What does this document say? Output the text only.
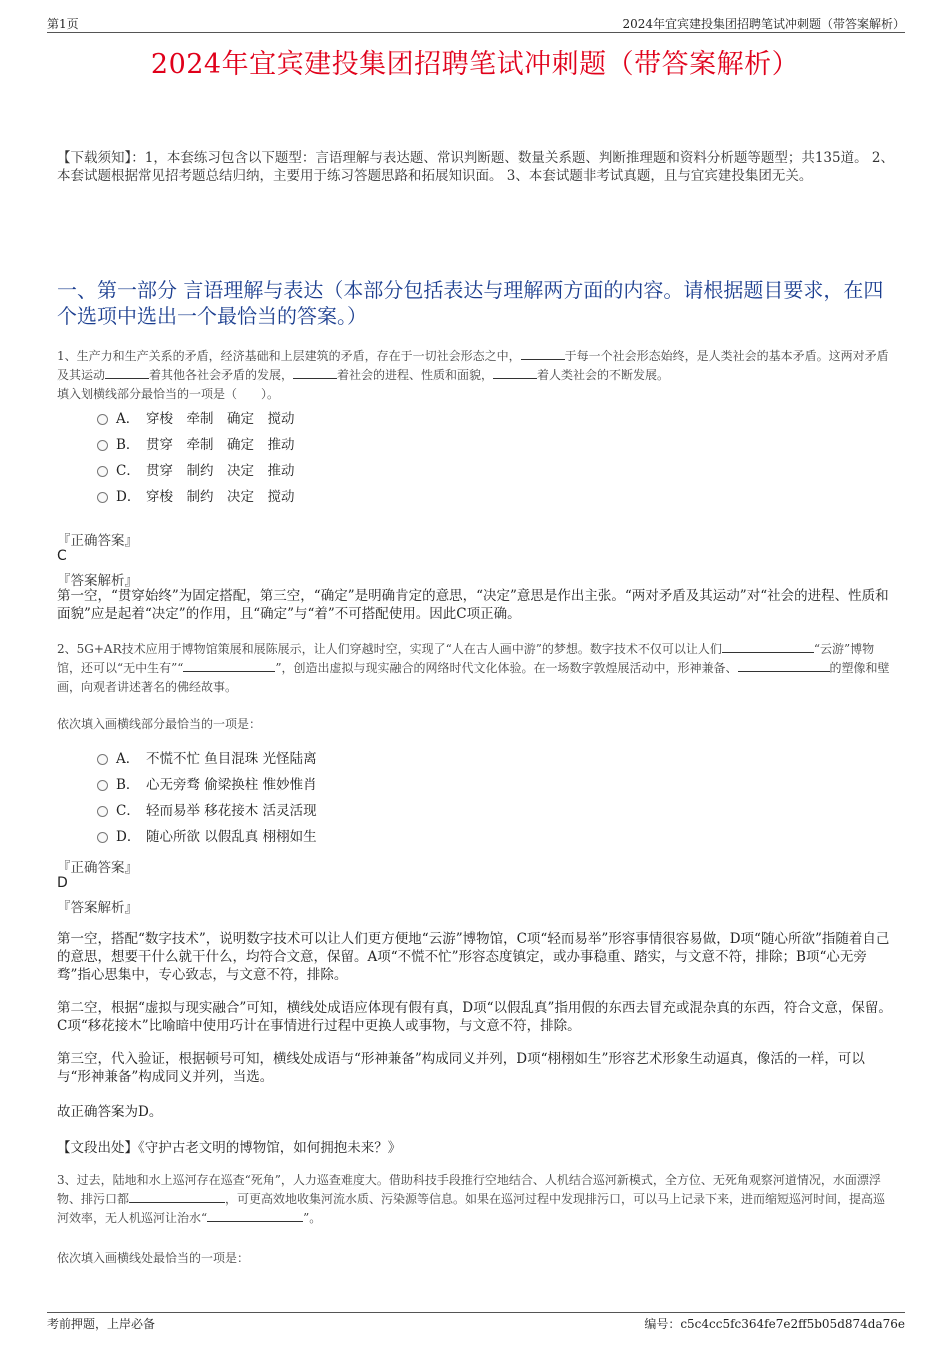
第1页	2024年宜宾建投集团招聘笔试冲刺题（带答案解析）
2024年宜宾建投集团招聘笔试冲刺题（带答案解析）
【下载须知】：1，本套练习包含以下题型：言语理解与表达题、常识判断题、数量关系题、判断推理题和资料分析题等题型；共135道。 2、本套试题根据常见招考题总结归纳，主要用于练习答题思路和拓展知识面。 3、本套试题非考试真题，且与宜宾建投集团无关。
一、第一部分 言语理解与表达（本部分包括表达与理解两方面的内容。请根据题目要求，在四个选项中选出一个最恰当的答案。）
1、生产力和生产关系的矛盾，经济基础和上层建筑的矛盾，存在于一切社会形态之中，	于每一个社会形态始终，是人类社会的基本矛盾。这两对矛盾及其运动	着其他各社会矛盾的发展，	着社会的进程、性质和面貌，	着人类社会的不断发展。
填入划横线部分最恰当的一项是（　　）。
A． 穿梭　牵制　确定　搅动
B． 贯穿　牵制　确定　推动
C． 贯穿　制约　决定　推动
D． 穿梭　制约　决定　搅动
『正确答案』
C
『答案解析』
第一空，“贯穿始终”为固定搭配，第三空，“确定”是明确肯定的意思，“决定”意思是作出主张。“两对矛盾及其运动”对“社会的进程、性质和面貌”应是起着“决定”的作用，且“确定”与“着”不可搭配使用。因此C项正确。
2、5G+AR技术应用于博物馆策展和展陈展示，让人们穿越时空，实现了“人在古人画中游”的梦想。数字技术不仅可以让人们	“云游”博物馆，还可以“无中生有”“	”，创造出虚拟与现实融合的网络时代文化体验。在一场数字敦煌展活动中，形神兼备、	的塑像和壁画，向观者讲述著名的佛经故事。
依次填入画横线部分最恰当的一项是：
A． 不慌不忙 鱼目混珠 光怪陆离
B． 心无旁骛 偷梁换柱 惟妙惟肖
C． 轻而易举 移花接木 活灵活现
D． 随心所欲 以假乱真 栩栩如生
『正确答案』
D
『答案解析』
第一空，搭配“数字技术”，说明数字技术可以让人们更方便地“云游”博物馆，C项“轻而易举”形容事情很容易做，D项“随心所欲”指随着自己的意思，想要干什么就干什么，均符合文意，保留。A项“不慌不忙”形容态度镇定，或办事稳重、踏实，与文意不符，排除；B项“心无旁骛”指心思集中，专心致志，与文意不符，排除。
第二空，根据“虚拟与现实融合”可知，横线处成语应体现有假有真，D项“以假乱真”指用假的东西去冒充或混杂真的东西，符合文意，保留。C项“移花接木”比喻暗中使用巧计在事情进行过程中更换人或事物，与文意不符，排除。
第三空，代入验证，根据顿号可知，横线处成语与“形神兼备”构成同义并列，D项“栩栩如生”形容艺术形象生动逼真，像活的一样，可以与“形神兼备”构成同义并列，当选。
故正确答案为D。
【文段出处】《守护古老文明的博物馆，如何拥抱未来？》
3、过去，陆地和水上巡河存在巡查“死角”，人力巡查难度大。借助科技手段推行空地结合、人机结合巡河新模式，全方位、无死角观察河道情况，水面漂浮物、排污口都	，可更高效地收集河流水质、污染源等信息。如果在巡河过程中发现排污口，可以马上记录下来，进而缩短巡河时间，提高巡河效率，无人机巡河让治水“	”。
依次填入画横线处最恰当的一项是：
考前押题，上岸必备	编号：c5c4cc5fc364fe7e2ff5b05d874da76e
